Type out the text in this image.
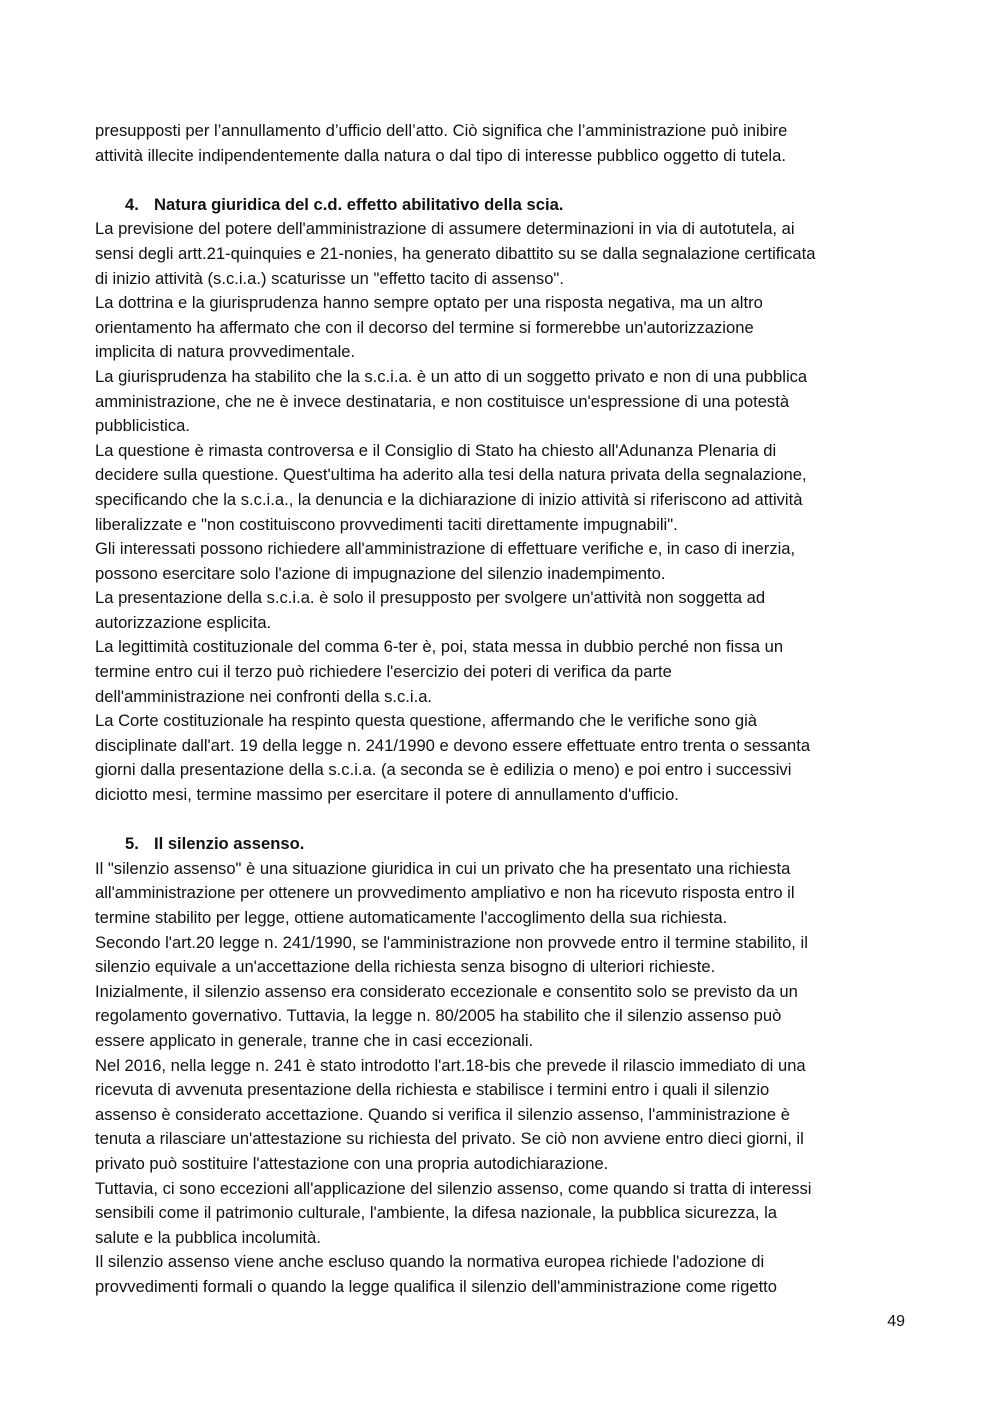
presupposti per l’annullamento d’ufficio dell’atto. Ciò significa che l’amministrazione può inibire
attività illecite indipendentemente dalla natura o dal tipo di interesse pubblico oggetto di tutela.
4. Natura giuridica del c.d. effetto abilitativo della scia.
La previsione del potere dell'amministrazione di assumere determinazioni in via di autotutela, ai
sensi degli artt.21-quinquies e 21-nonies, ha generato dibattito su se dalla segnalazione certificata
di inizio attività (s.c.i.a.) scaturisse un "effetto tacito di assenso".
La dottrina e la giurisprudenza hanno sempre optato per una risposta negativa, ma un altro
orientamento ha affermato che con il decorso del termine si formerebbe un'autorizzazione
implicita di natura provvedimentale.
La giurisprudenza ha stabilito che la s.c.i.a. è un atto di un soggetto privato e non di una pubblica
amministrazione, che ne è invece destinataria, e non costituisce un'espressione di una potestà
pubblicistica.
La questione è rimasta controversa e il Consiglio di Stato ha chiesto all'Adunanza Plenaria di
decidere sulla questione. Quest'ultima ha aderito alla tesi della natura privata della segnalazione,
specificando che la s.c.i.a., la denuncia e la dichiarazione di inizio attività si riferiscono ad attività
liberalizzate e "non costituiscono provvedimenti taciti direttamente impugnabili".
Gli interessati possono richiedere all'amministrazione di effettuare verifiche e, in caso di inerzia,
possono esercitare solo l'azione di impugnazione del silenzio inadempimento.
La presentazione della s.c.i.a. è solo il presupposto per svolgere un'attività non soggetta ad
autorizzazione esplicita.
La legittimità costituzionale del comma 6-ter è, poi, stata messa in dubbio perché non fissa un
termine entro cui il terzo può richiedere l'esercizio dei poteri di verifica da parte
dell'amministrazione nei confronti della s.c.i.a.
La Corte costituzionale ha respinto questa questione, affermando che le verifiche sono già
disciplinate dall'art. 19 della legge n. 241/1990 e devono essere effettuate entro trenta o sessanta
giorni dalla presentazione della s.c.i.a. (a seconda se è edilizia o meno) e poi entro i successivi
diciotto mesi, termine massimo per esercitare il potere di annullamento d'ufficio.
5. Il silenzio assenso.
Il "silenzio assenso" è una situazione giuridica in cui un privato che ha presentato una richiesta
all'amministrazione per ottenere un provvedimento ampliativo e non ha ricevuto risposta entro il
termine stabilito per legge, ottiene automaticamente l'accoglimento della sua richiesta.
Secondo l'art.20 legge n. 241/1990, se l'amministrazione non provvede entro il termine stabilito, il
silenzio equivale a un'accettazione della richiesta senza bisogno di ulteriori richieste.
Inizialmente, il silenzio assenso era considerato eccezionale e consentito solo se previsto da un
regolamento governativo. Tuttavia, la legge n. 80/2005 ha stabilito che il silenzio assenso può
essere applicato in generale, tranne che in casi eccezionali.
Nel 2016, nella legge n. 241 è stato introdotto l'art.18-bis che prevede il rilascio immediato di una
ricevuta di avvenuta presentazione della richiesta e stabilisce i termini entro i quali il silenzio
assenso è considerato accettazione. Quando si verifica il silenzio assenso, l'amministrazione è
tenuta a rilasciare un'attestazione su richiesta del privato. Se ciò non avviene entro dieci giorni, il
privato può sostituire l'attestazione con una propria autodichiarazione.
Tuttavia, ci sono eccezioni all'applicazione del silenzio assenso, come quando si tratta di interessi
sensibili come il patrimonio culturale, l'ambiente, la difesa nazionale, la pubblica sicurezza, la
salute e la pubblica incolumità.
Il silenzio assenso viene anche escluso quando la normativa europea richiede l'adozione di
provvedimenti formali o quando la legge qualifica il silenzio dell'amministrazione come rigetto
49
